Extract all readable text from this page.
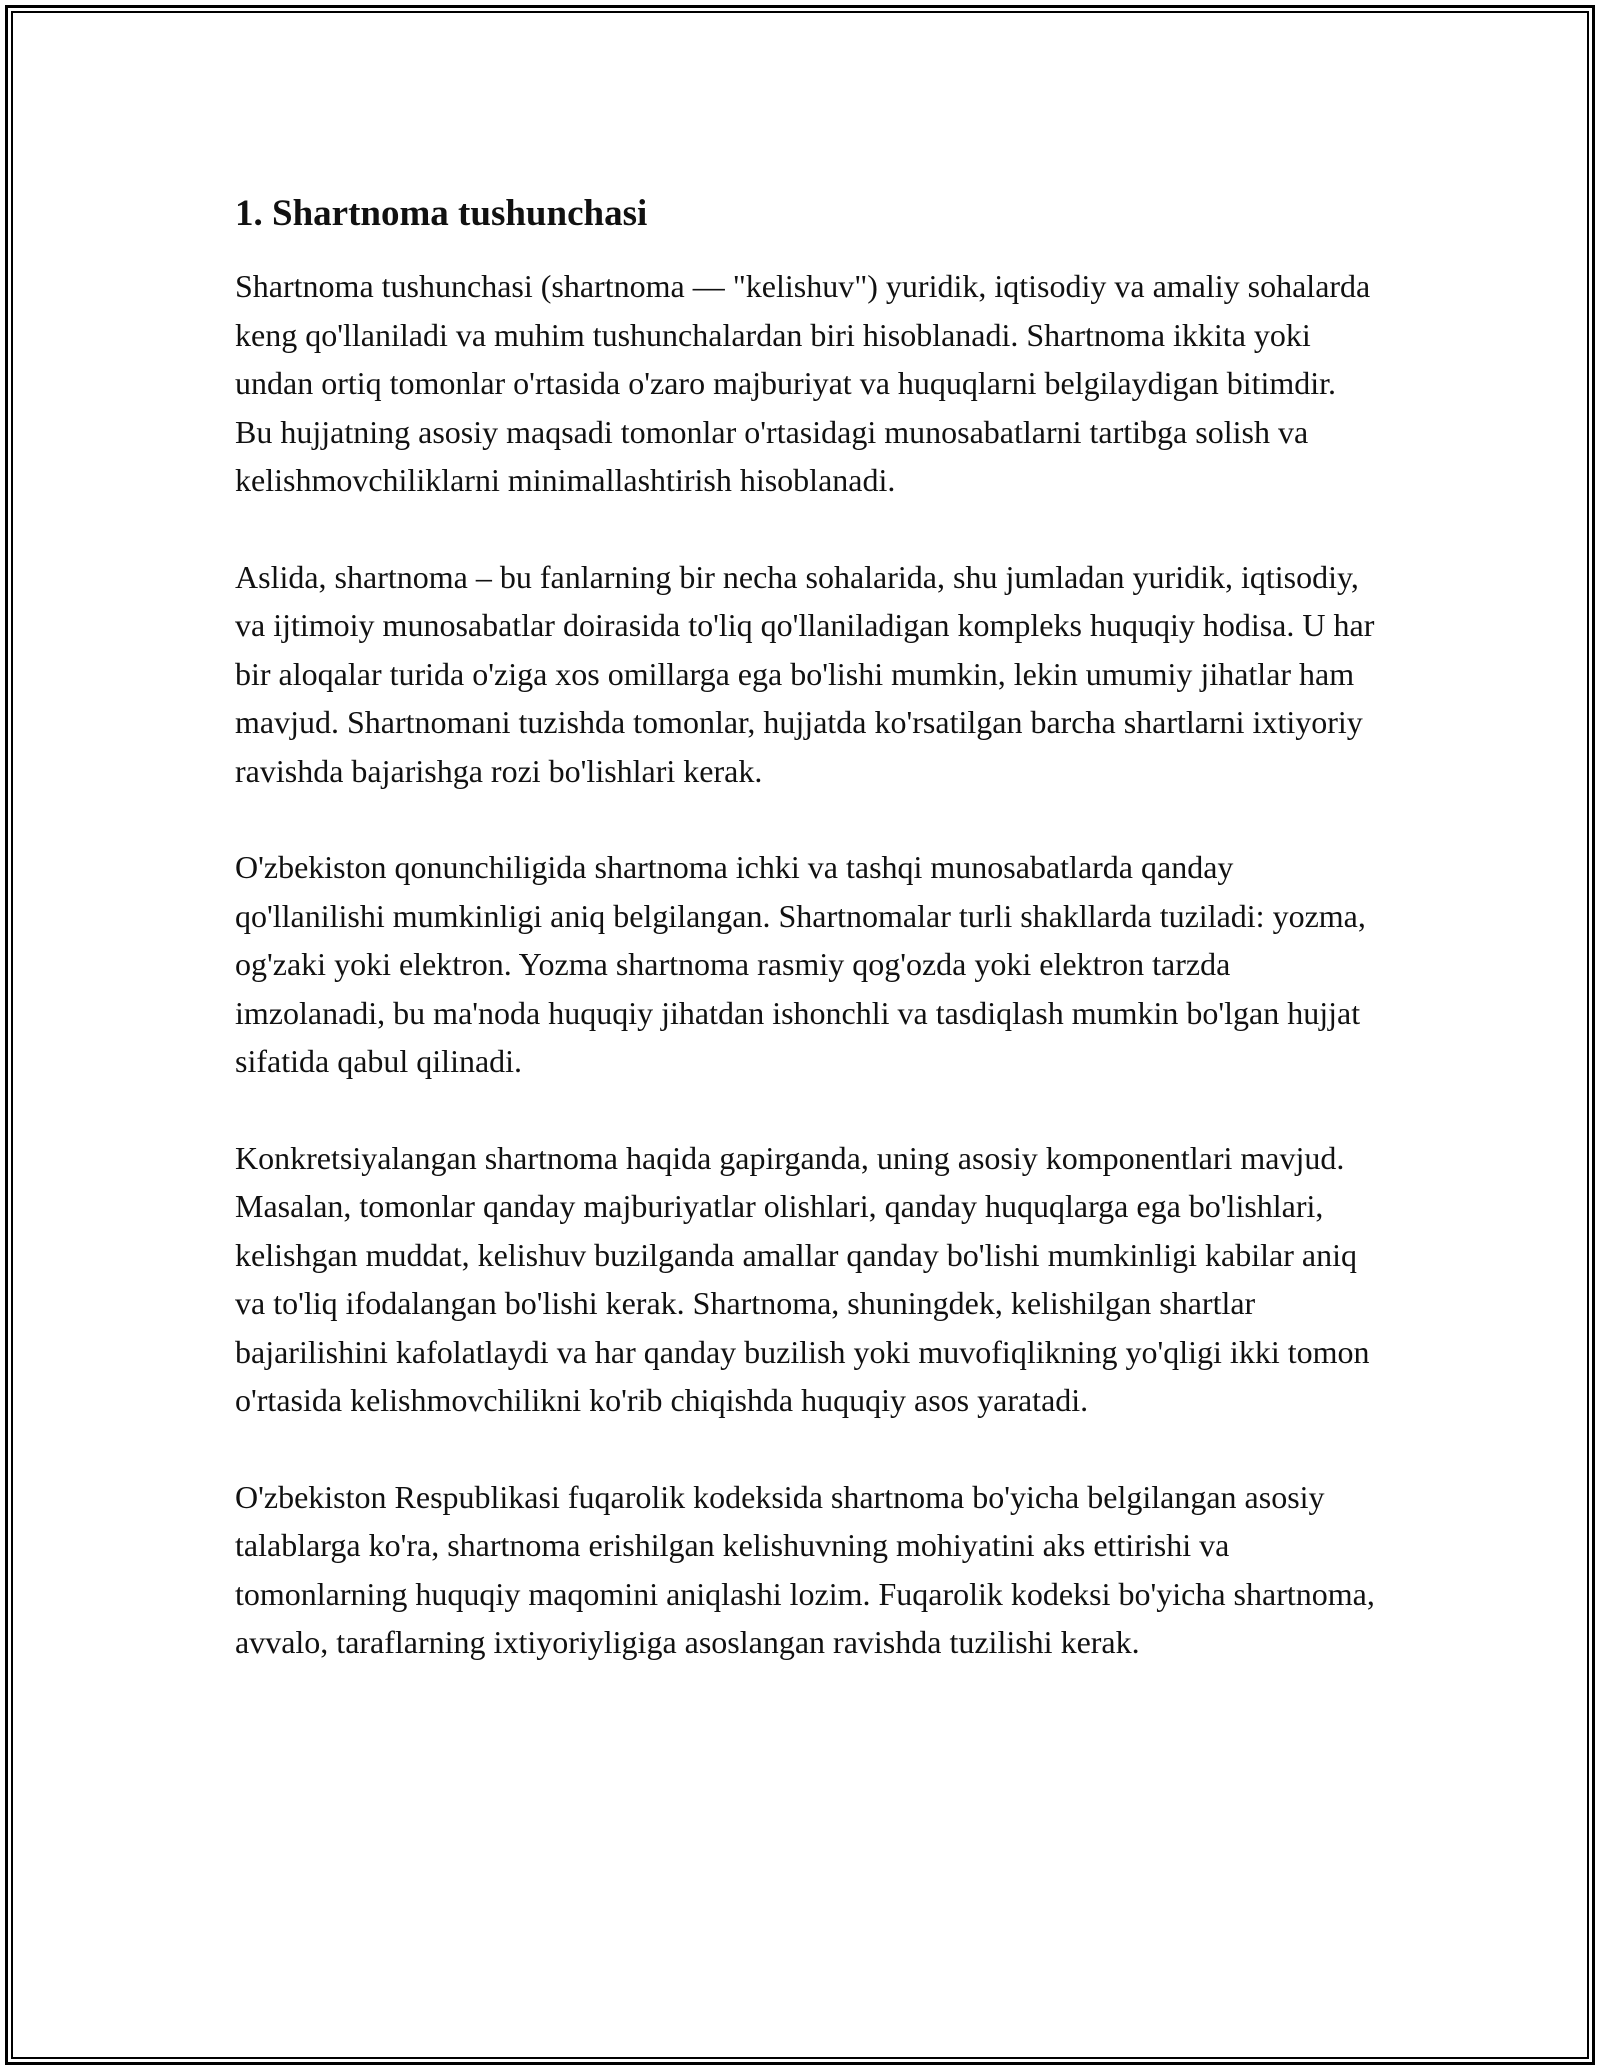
1. Shartnoma tushunchasi

Shartnoma tushunchasi (shartnoma — "kelishuv") yuridik, iqtisodiy va amaliy sohalarda keng qo'llaniladi va muhim tushunchalardan biri hisoblanadi. Shartnoma ikkita yoki undan ortiq tomonlar o'rtasida o'zaro majburiyat va huquqlarni belgilaydigan bitimdir. Bu hujjatning asosiy maqsadi tomonlar o'rtasidagi munosabatlarni tartibga solish va kelishmovchiliklarni minimallashtirish hisoblanadi.

Aslida, shartnoma – bu fanlarning bir necha sohalarida, shu jumladan yuridik, iqtisodiy, va ijtimoiy munosabatlar doirasida to'liq qo'llaniladigan kompleks huquqiy hodisa. U har bir aloqalar turida o'ziga xos omillarga ega bo'lishi mumkin, lekin umumiy jihatlar ham mavjud. Shartnomani tuzishda tomonlar, hujjatda ko'rsatilgan barcha shartlarni ixtiyoriy ravishda bajarishga rozi bo'lishlari kerak.

O'zbekiston qonunchiligida shartnoma ichki va tashqi munosabatlarda qanday qo'llanilishi mumkinligi aniq belgilangan. Shartnomalar turli shakllarda tuziladi: yozma, og'zaki yoki elektron. Yozma shartnoma rasmiy qog'ozda yoki elektron tarzda imzolanadi, bu ma'noda huquqiy jihatdan ishonchli va tasdiqlash mumkin bo'lgan hujjat sifatida qabul qilinadi.

Konkretsiyalangan shartnoma haqida gapirganda, uning asosiy komponentlari mavjud. Masalan, tomonlar qanday majburiyatlar olishlari, qanday huquqlarga ega bo'lishlari, kelishgan muddat, kelishuv buzilganda amallar qanday bo'lishi mumkinligi kabilar aniq va to'liq ifodalangan bo'lishi kerak. Shartnoma, shuningdek, kelishilgan shartlar bajarilishini kafolatlaydi va har qanday buzilish yoki muvofiqlikning yo'qligi ikki tomon o'rtasida kelishmovchilikni ko'rib chiqishda huquqiy asos yaratadi.

O'zbekiston Respublikasi fuqarolik kodeksida shartnoma bo'yicha belgilangan asosiy talablarga ko'ra, shartnoma erishilgan kelishuvning mohiyatini aks ettirishi va tomonlarning huquqiy maqomini aniqlashi lozim. Fuqarolik kodeksi bo'yicha shartnoma, avvalo, taraflarning ixtiyoriyligiga asoslangan ravishda tuzilishi kerak.
